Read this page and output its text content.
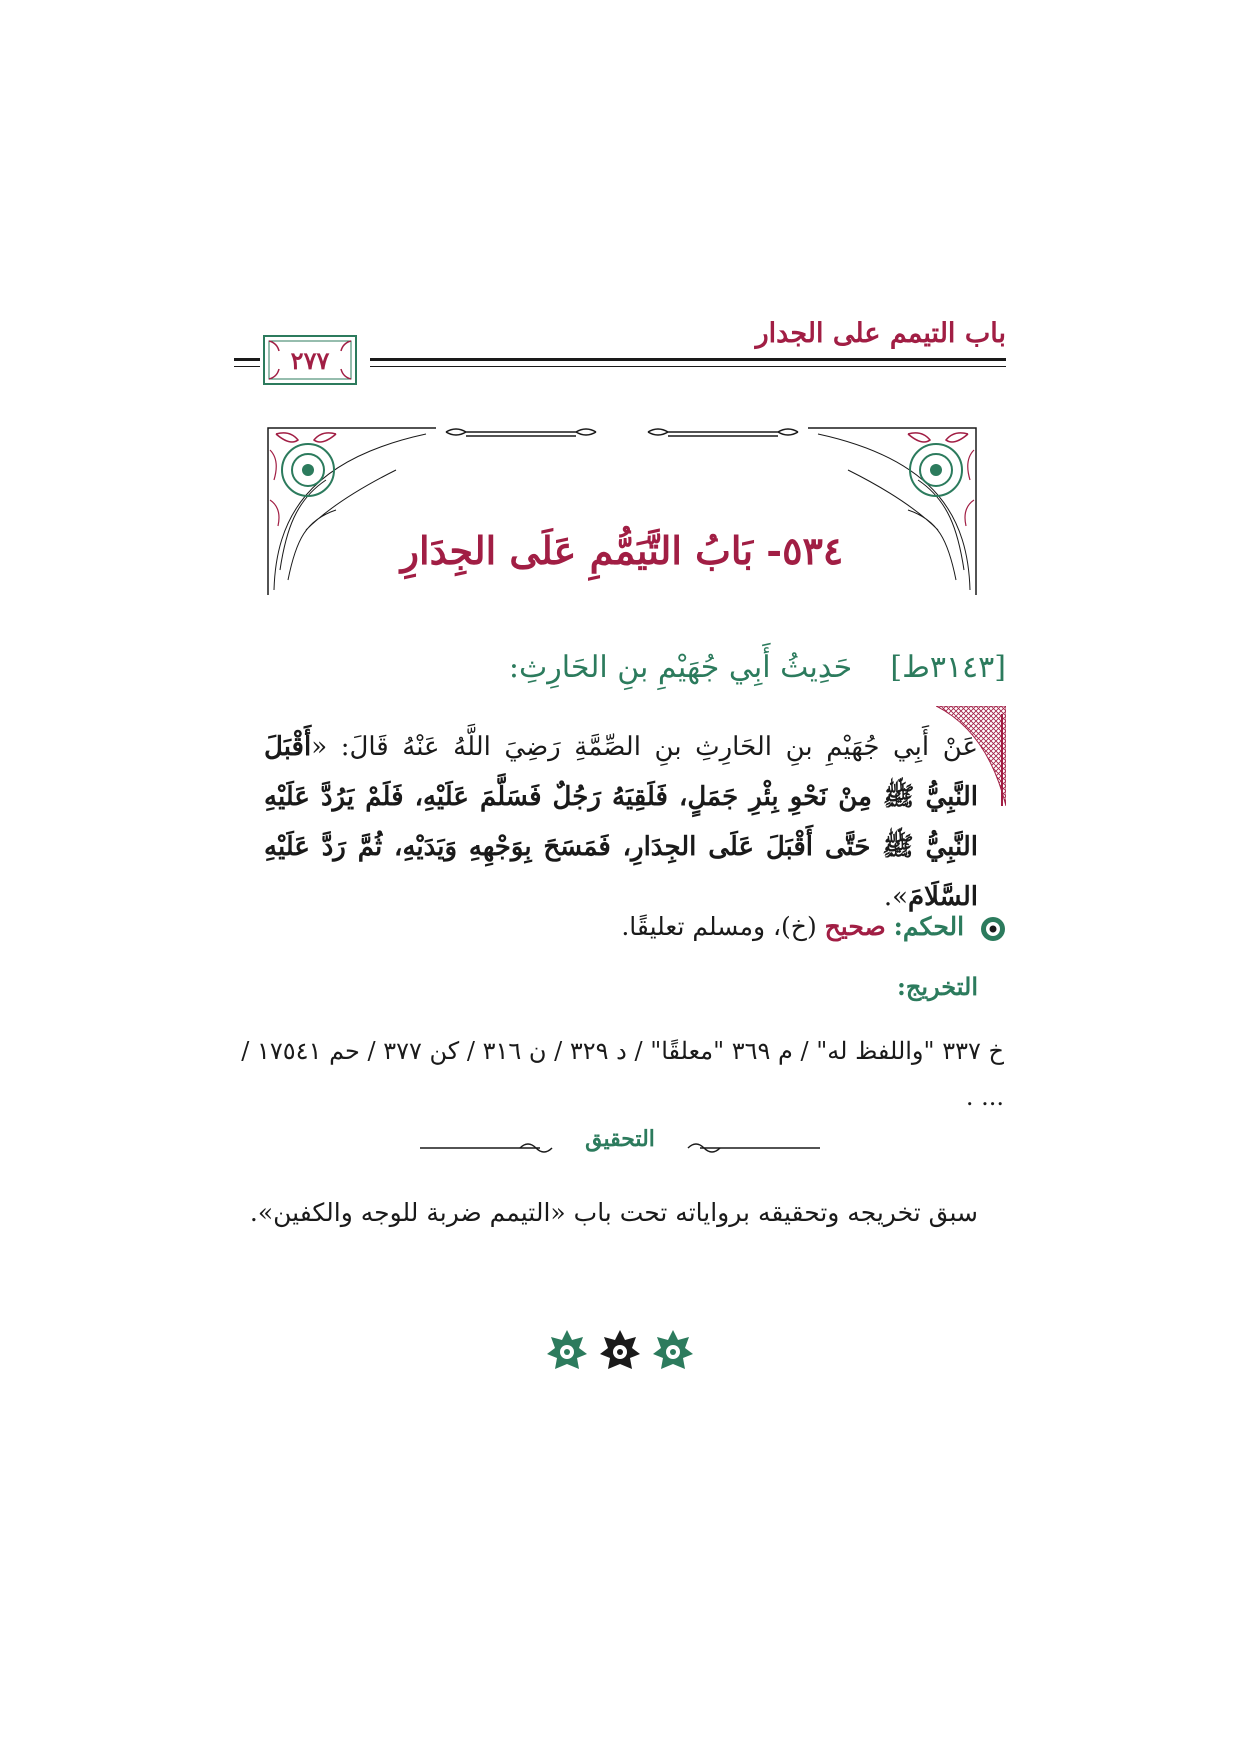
باب التيمم على الجدار
٢٧٧
٥٣٤- بَابُ التَّيَمُّمِ عَلَى الجِدَارِ
[٣١٤٣ط]    حَدِيثُ أَبِي جُهَيْمِ بنِ الحَارِثِ:
عَنْ أَبِي جُهَيْمِ بنِ الحَارِثِ بنِ الصِّمَّةِ رَضِيَ اللَّهُ عَنْهُ قَالَ: «أَقْبَلَ النَّبِيُّ ﷺ مِنْ نَحْوِ بِئْرِ جَمَلٍ، فَلَقِيَهُ رَجُلٌ فَسَلَّمَ عَلَيْهِ، فَلَمْ يَرُدَّ عَلَيْهِ النَّبِيُّ ﷺ حَتَّى أَقْبَلَ عَلَى الجِدَارِ، فَمَسَحَ بِوَجْهِهِ وَيَدَيْهِ، ثُمَّ رَدَّ عَلَيْهِ السَّلَامَ».
الحكم: صحيح (خ)، ومسلم تعليقًا.
التخريج:
خ ٣٣٧ "واللفظ له" / م ٣٦٩ "معلقًا" / د ٣٢٩ / ن ٣١٦ / كن ٣٧٧ / حم ١٧٥٤١ / ... .
التحقيق
سبق تخريجه وتحقيقه برواياته تحت باب «التيمم ضربة للوجه والكفين».
